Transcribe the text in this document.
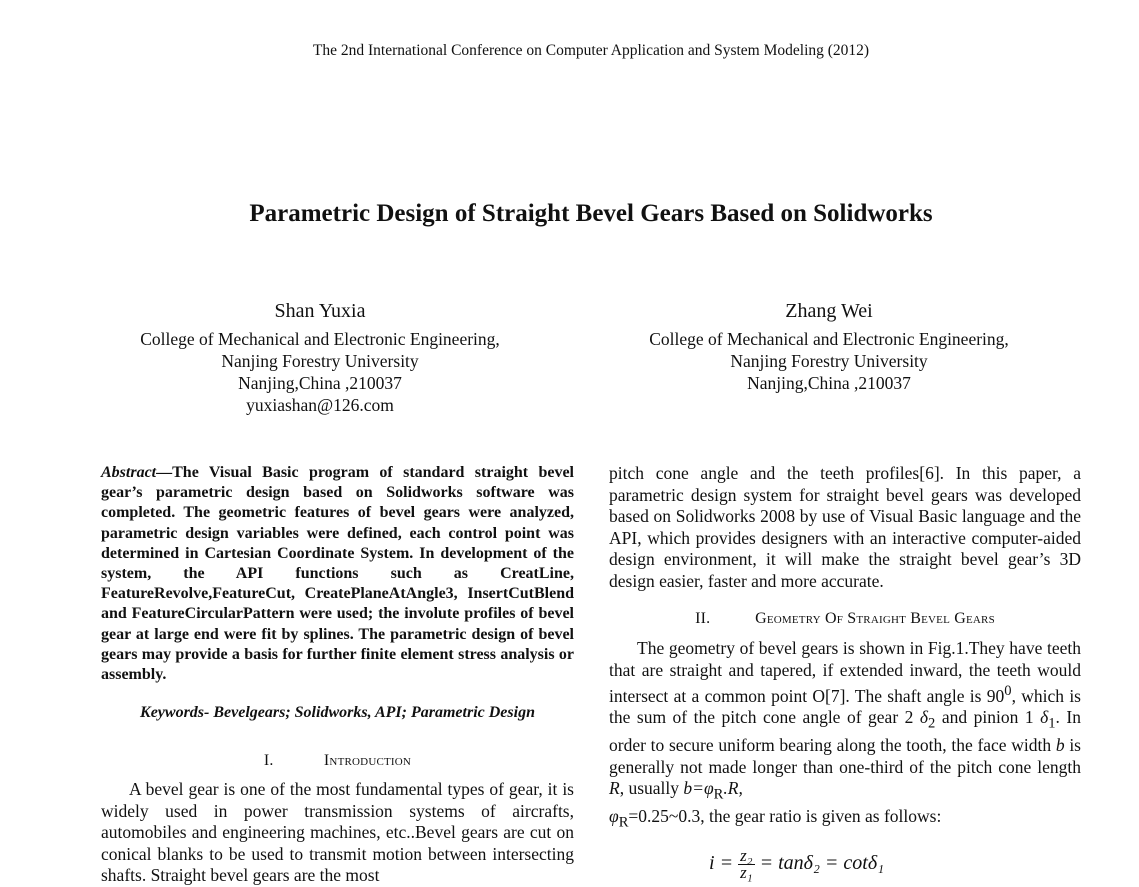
The 2nd International Conference on Computer Application and System Modeling (2012)
Parametric Design of Straight Bevel Gears Based on Solidworks
Shan Yuxia
College of Mechanical and Electronic Engineering,
Nanjing Forestry University
Nanjing,China ,210037
yuxiashan@126.com
Zhang Wei
College of Mechanical and Electronic Engineering,
Nanjing Forestry University
Nanjing,China ,210037

Abstract—The Visual Basic program of standard straight bevel gear’s parametric design based on Solidworks software was completed. The geometric features of bevel gears were analyzed, parametric design variables were defined, each control point was determined in Cartesian Coordinate System. In development of the system, the API functions such as CreatLine, FeatureRevolve,FeatureCut, CreatePlaneAtAngle3, InsertCutBlend and FeatureCircularPattern were used; the involute profiles of bevel gear at large end were fit by splines. The parametric design of bevel gears may provide a basis for further finite element stress analysis or assembly.

Keywords- Bevelgears; Solidworks, API; Parametric Design

I.	Introduction

A bevel gear is one of the most fundamental types of gear, it is widely used in power transmission systems of aircrafts, automobiles and engineering machines, etc..Bevel gears are cut on conical blanks to be used to transmit motion between intersecting shafts. Straight bevel gears are the most

pitch cone angle and the teeth profiles[6]. In this paper, a parametric design system for straight bevel gears was developed based on Solidworks 2008 by use of Visual Basic language and the API, which provides designers with an interactive computer-aided design environment, it will make the straight bevel gear’s 3D design easier, faster and more accurate.

II.	Geometry Of Straight Bevel Gears

The geometry of bevel gears is shown in Fig.1.They have teeth that are straight and tapered, if extended inward, the teeth would intersect at a common point O[7]. The shaft angle is $90^0$, which is the sum of the pitch cone angle of gear 2 $\delta_2$ and pinion 1 $\delta_1$. In order to secure uniform bearing along the tooth, the face width b is generally not made longer than one-third of the pitch cone length R, usually $b=\varphi_R.R$,
$\varphi_R=0.25\sim 0.3$, the gear ratio is given as follows:

$i = \frac{\text{z₂}}{\text{z₁}} = \tan\delta_2 = \cot\delta_1$
